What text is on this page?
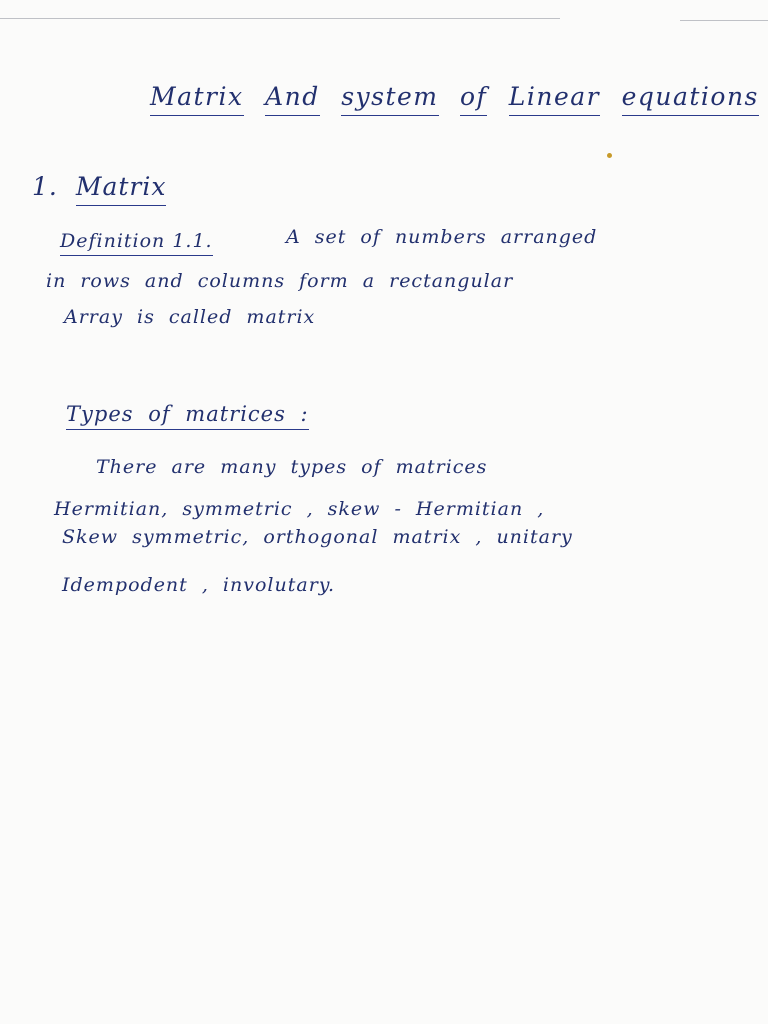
Matrix And system of Linear equations
1. Matrix
Definition 1.1.	A set of numbers arranged
in rows and columns form a rectangular
Array is called matrix
Types of matrices :
There are many types of matrices
Hermitian, symmetric , skew - Hermitian ,
Skew symmetric, orthogonal matrix , unitary
Idempodent , involutary.
